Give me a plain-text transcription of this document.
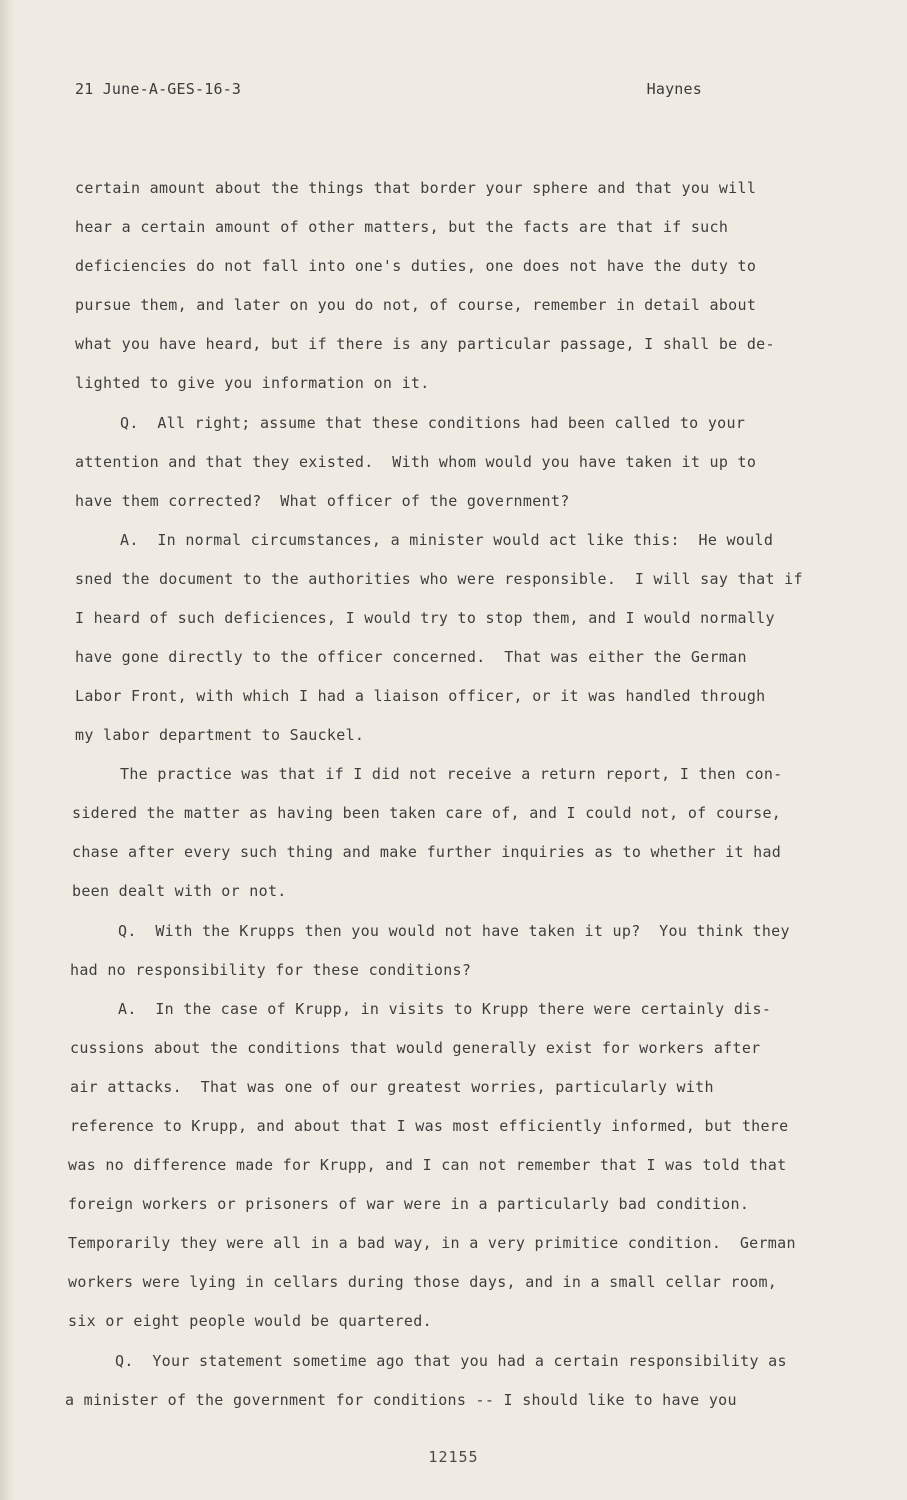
21 June-A-GES-16-3	Haynes
certain amount about the things that border your sphere and that you will
hear a certain amount of other matters, but the facts are that if such
deficiencies do not fall into one's duties, one does not have the duty to
pursue them, and later on you do not, of course, remember in detail about
what you have heard, but if there is any particular passage, I shall be de-
lighted to give you information on it.
Q.  All right; assume that these conditions had been called to your
attention and that they existed.  With whom would you have taken it up to
have them corrected?  What officer of the government?
A.  In normal circumstances, a minister would act like this:  He would
sned the document to the authorities who were responsible.  I will say that if
I heard of such deficiences, I would try to stop them, and I would normally
have gone directly to the officer concerned.  That was either the German
Labor Front, with which I had a liaison officer, or it was handled through
my labor department to Sauckel.
The practice was that if I did not receive a return report, I then con-
sidered the matter as having been taken care of, and I could not, of course,
chase after every such thing and make further inquiries as to whether it had
been dealt with or not.
Q.  With the Krupps then you would not have taken it up?  You think they
had no responsibility for these conditions?
A.  In the case of Krupp, in visits to Krupp there were certainly dis-
cussions about the conditions that would generally exist for workers after
air attacks.  That was one of our greatest worries, particularly with
reference to Krupp, and about that I was most efficiently informed, but there
was no difference made for Krupp, and I can not remember that I was told that
foreign workers or prisoners of war were in a particularly bad condition.
Temporarily they were all in a bad way, in a very primitice condition.  German
workers were lying in cellars during those days, and in a small cellar room,
six or eight people would be quartered.
Q.  Your statement sometime ago that you had a certain responsibility as
a minister of the government for conditions -- I should like to have you
12155
